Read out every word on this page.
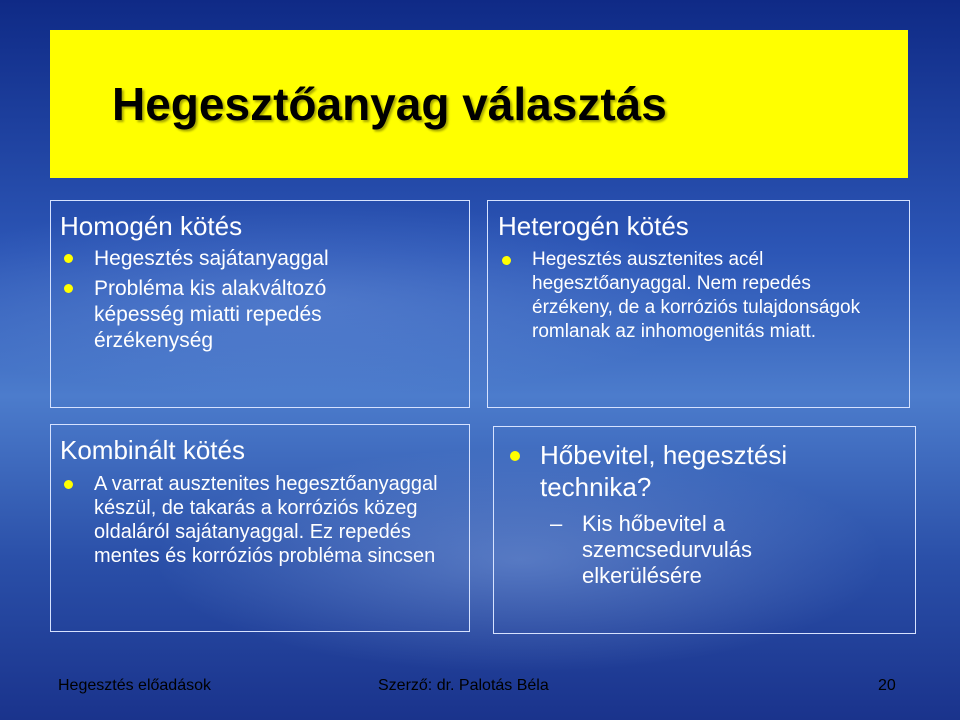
Hegesztőanyag választás
Homogén kötés
Hegesztés sajátanyaggal
Probléma kis alakváltozó képesség miatti repedés érzékenység
Kombinált kötés
A varrat ausztenites hegesztőanyaggal készül, de takarás a korróziós közeg oldaláról sajátanyaggal. Ez repedés mentes és korróziós probléma sincsen
Heterogén kötés
Hegesztés ausztenites acél hegesztőanyaggal. Nem repedés érzékeny, de a korróziós tulajdonságok romlanak az inhomogenitás miatt.
Hőbevitel, hegesztési technika?
– Kis hőbevitel a szemcsedurvulás elkerülésére
Hegesztés előadások	Szerző: dr. Palotás Béla	20
